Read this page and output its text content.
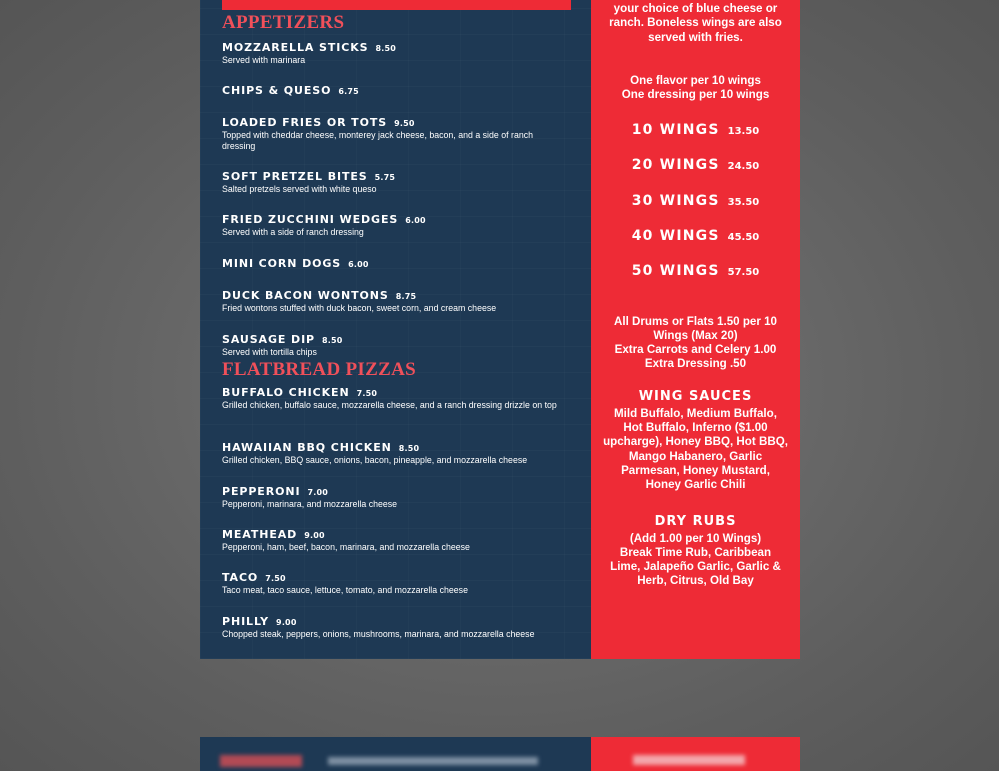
APPETIZERS
MOZZARELLA STICKS 8.50
Served with marinara
CHIPS & QUESO 6.75
LOADED FRIES OR TOTS 9.50
Topped with cheddar cheese, monterey jack cheese, bacon, and a side of ranch dressing
SOFT PRETZEL BITES 5.75
Salted pretzels served with white queso
FRIED ZUCCHINI WEDGES 6.00
Served with a side of ranch dressing
MINI CORN DOGS 6.00
DUCK BACON WONTONS 8.75
Fried wontons stuffed with duck bacon, sweet corn, and cream cheese
SAUSAGE DIP 8.50
Served with tortilla chips
FLATBREAD PIZZAS
BUFFALO CHICKEN 7.50
Grilled chicken, buffalo sauce, mozzarella cheese, and a ranch dressing drizzle on top
HAWAIIAN BBQ CHICKEN 8.50
Grilled chicken, BBQ sauce, onions, bacon, pineapple, and mozzarella cheese
PEPPERONI 7.00
Pepperoni, marinara, and mozzarella cheese
MEATHEAD 9.00
Pepperoni, ham, beef, bacon, marinara, and mozzarella cheese
TACO 7.50
Taco meat, taco sauce, lettuce, tomato, and mozzarella cheese
PHILLY 9.00
Chopped steak, peppers, onions, mushrooms, marinara, and mozzarella cheese
your choice of blue cheese or
ranch. Boneless wings are also
served with fries.
One flavor per 10 wings
One dressing per 10 wings
10 WINGS 13.50
20 WINGS 24.50
30 WINGS 35.50
40 WINGS 45.50
50 WINGS 57.50
All Drums or Flats 1.50 per 10
Wings (Max 20)
Extra Carrots and Celery 1.00
Extra Dressing .50
WING SAUCES
Mild Buffalo, Medium Buffalo,
Hot Buffalo, Inferno ($1.00
upcharge), Honey BBQ, Hot BBQ,
Mango Habanero, Garlic
Parmesan, Honey Mustard,
Honey Garlic Chili
DRY RUBS
(Add 1.00 per 10 Wings)
Break Time Rub, Caribbean
Lime, Jalapeño Garlic, Garlic &
Herb, Citrus, Old Bay
